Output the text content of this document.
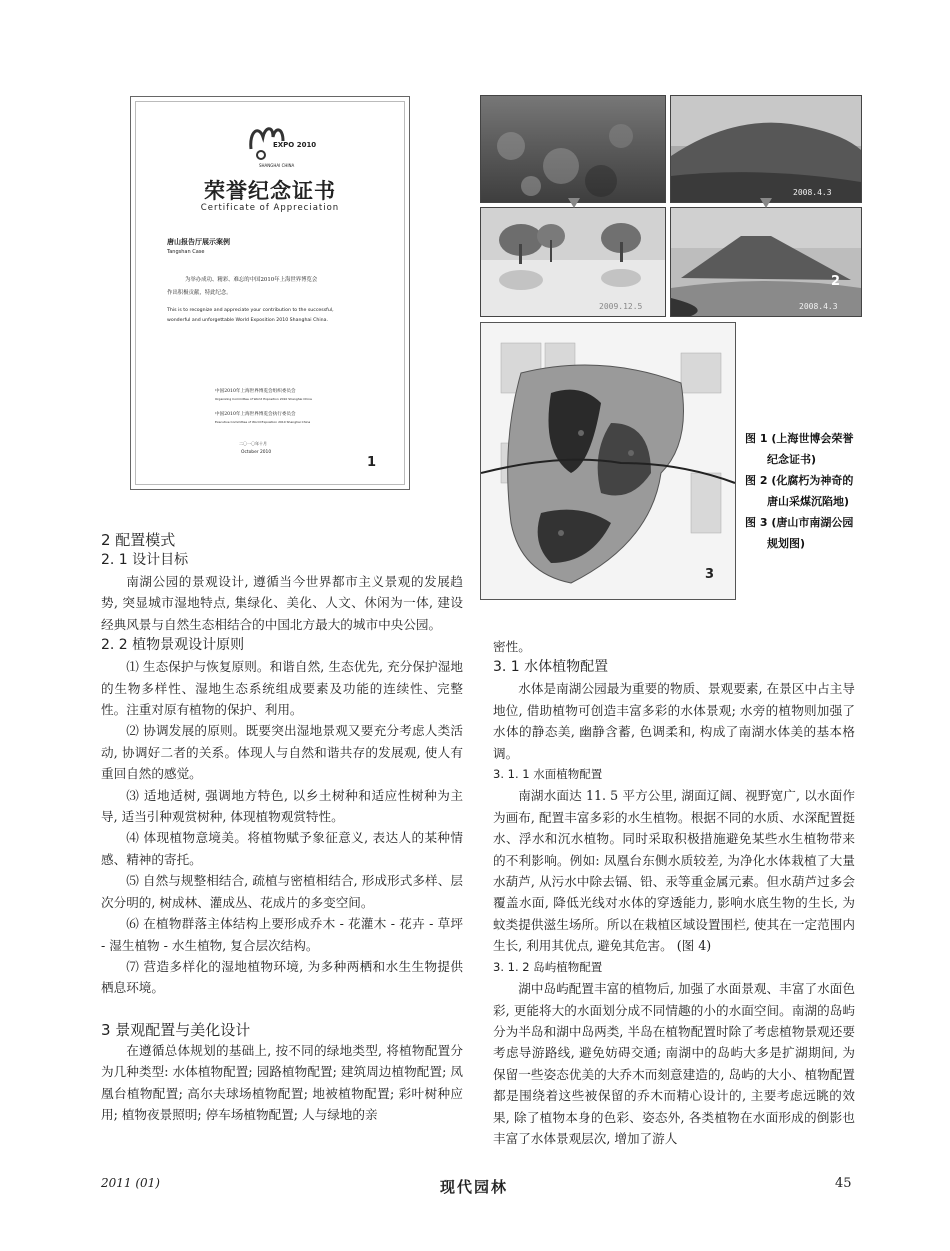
EXPO 2010
SHANGHAI CHINA
荣誉纪念证书
Certificate of Appreciation
唐山报告厅展示案例
Tangshan Case
为举办成功、精彩、难忘的中国2010年上海世界博览会
作出积极贡献，特此纪念。
This is to recognize and appreciate your contribution to the successful,
wonderful and unforgettable World Exposition 2010 Shanghai China.
中国2010年上海世界博览会组织委员会
Organizing Committee of World Exposition 2010 Shanghai China
中国2010年上海世界博览会执行委员会
Executive Committee of World Exposition 2010 Shanghai China
二〇一〇年十月
October 2010
1
2008.4.3
2009.12.5
2
2008.4.3
3
图 1 (上海世博会荣誉
纪念证书)
图 2 (化腐朽为神奇的
唐山采煤沉陷地)
图 3 (唐山市南湖公园
规划图)
2 配置模式
2. 1 设计目标

南湖公园的景观设计, 遵循当今世界都市主义景观的发展趋势, 突显城市湿地特点, 集绿化、美化、人文、休闲为一体, 建设经典风景与自然生态相结合的中国北方最大的城市中央公园。

2. 2 植物景观设计原则

⑴ 生态保护与恢复原则。和谐自然, 生态优先, 充分保护湿地的生物多样性、湿地生态系统组成要素及功能的连续性、完整性。注重对原有植物的保护、利用。

⑵ 协调发展的原则。既要突出湿地景观又要充分考虑人类活动, 协调好二者的关系。体现人与自然和谐共存的发展观, 使人有重回自然的感觉。

⑶ 适地适树, 强调地方特色, 以乡土树种和适应性树种为主导, 适当引种观赏树种, 体现植物观赏特性。

⑷ 体现植物意境美。将植物赋予象征意义, 表达人的某种情感、精神的寄托。

⑸ 自然与规整相结合, 疏植与密植相结合, 形成形式多样、层次分明的, 树成林、灌成丛、花成片的多变空间。

⑹ 在植物群落主体结构上要形成乔木 - 花灌木 - 花卉 - 草坪 - 湿生植物 - 水生植物, 复合层次结构。

⑺ 营造多样化的湿地植物环境, 为多种两栖和水生生物提供栖息环境。

3 景观配置与美化设计

在遵循总体规划的基础上, 按不同的绿地类型, 将植物配置分为几种类型: 水体植物配置; 园路植物配置; 建筑周边植物配置; 凤凰台植物配置; 高尔夫球场植物配置; 地被植物配置; 彩叶树种应用; 植物夜景照明; 停车场植物配置; 人与绿地的亲

密性。

3. 1 水体植物配置

水体是南湖公园最为重要的物质、景观要素, 在景区中占主导地位, 借助植物可创造丰富多彩的水体景观; 水旁的植物则加强了水体的静态美, 幽静含蓄, 色调柔和, 构成了南湖水体美的基本格调。

3. 1. 1 水面植物配置

南湖水面达 11. 5 平方公里, 湖面辽阔、视野宽广, 以水面作为画布, 配置丰富多彩的水生植物。根据不同的水质、水深配置挺水、浮水和沉水植物。同时采取积极措施避免某些水生植物带来的不利影响。例如: 凤凰台东侧水质较差, 为净化水体栽植了大量水葫芦, 从污水中除去镉、铅、汞等重金属元素。但水葫芦过多会覆盖水面, 降低光线对水体的穿透能力, 影响水底生物的生长, 为蚊类提供滋生场所。所以在栽植区域设置围栏, 使其在一定范围内生长, 利用其优点, 避免其危害。 (图 4)

3. 1. 2 岛屿植物配置

湖中岛屿配置丰富的植物后, 加强了水面景观、丰富了水面色彩, 更能将大的水面划分成不同情趣的小的水面空间。南湖的岛屿分为半岛和湖中岛两类, 半岛在植物配置时除了考虑植物景观还要考虑导游路线, 避免妨碍交通; 南湖中的岛屿大多是扩湖期间, 为保留一些姿态优美的大乔木而刻意建造的, 岛屿的大小、植物配置都是围绕着这些被保留的乔木而精心设计的, 主要考虑远眺的效果, 除了植物本身的色彩、姿态外, 各类植物在水面形成的倒影也丰富了水体景观层次, 增加了游人

2011 (01)	现代园林	45
